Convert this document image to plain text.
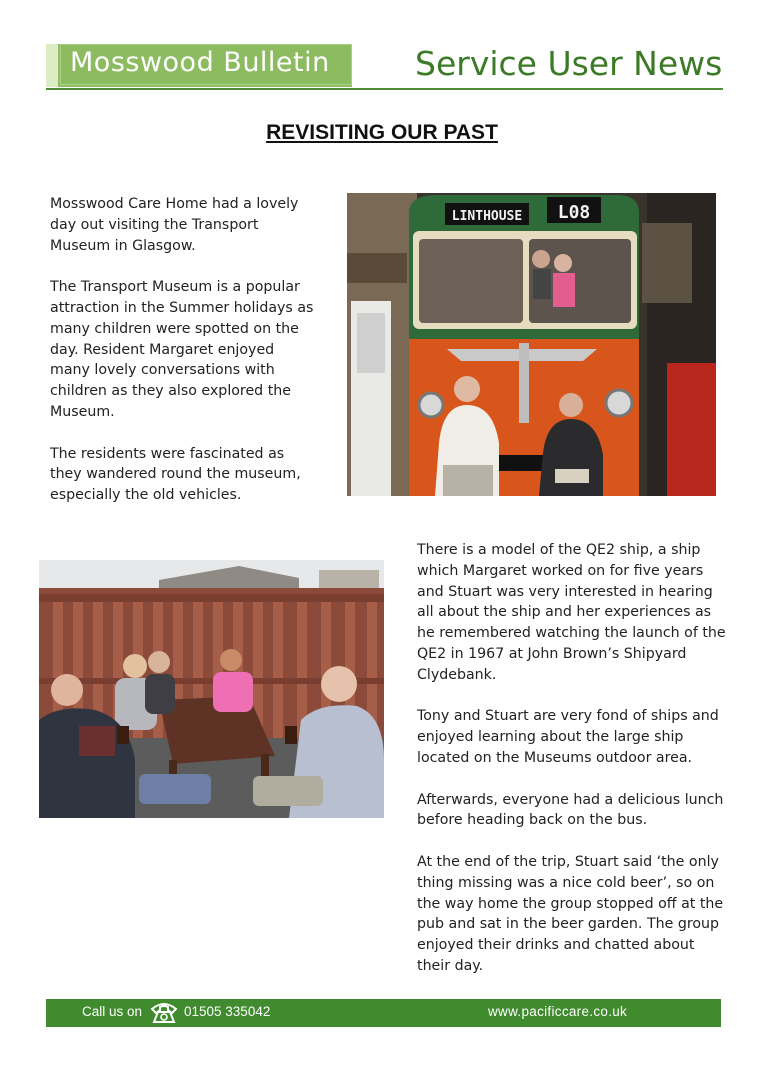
Mosswood Bulletin	Service User News
REVISITING OUR PAST

Mosswood Care Home had a lovely day out visiting the Transport Museum in Glasgow.

The Transport Museum is a popular attraction in the Summer holidays as many children were spotted on the day. Resident Margaret enjoyed many lovely conversations with children as they also explored the Museum.

The residents were fascinated as they wandered round the museum, especially the old vehicles.

LINTHOUSE L08

There is a model of the QE2 ship, a ship which Margaret worked on for five years and Stuart was very interested in hearing all about the ship and her experiences as he remembered watching the launch of the QE2 in 1967 at John Brown’s Shipyard Clydebank.

Tony and Stuart are very fond of ships and enjoyed learning about the large ship located on the Museums outdoor area.

Afterwards, everyone had a delicious lunch before heading back on the bus.

At the end of the trip, Stuart said ‘the only thing missing was a nice cold beer’, so on the way home the group stopped off at the pub and sat in the beer garden. The group enjoyed their drinks and chatted about their day.

Call us on	01505 335042	www.pacificcare.co.uk
